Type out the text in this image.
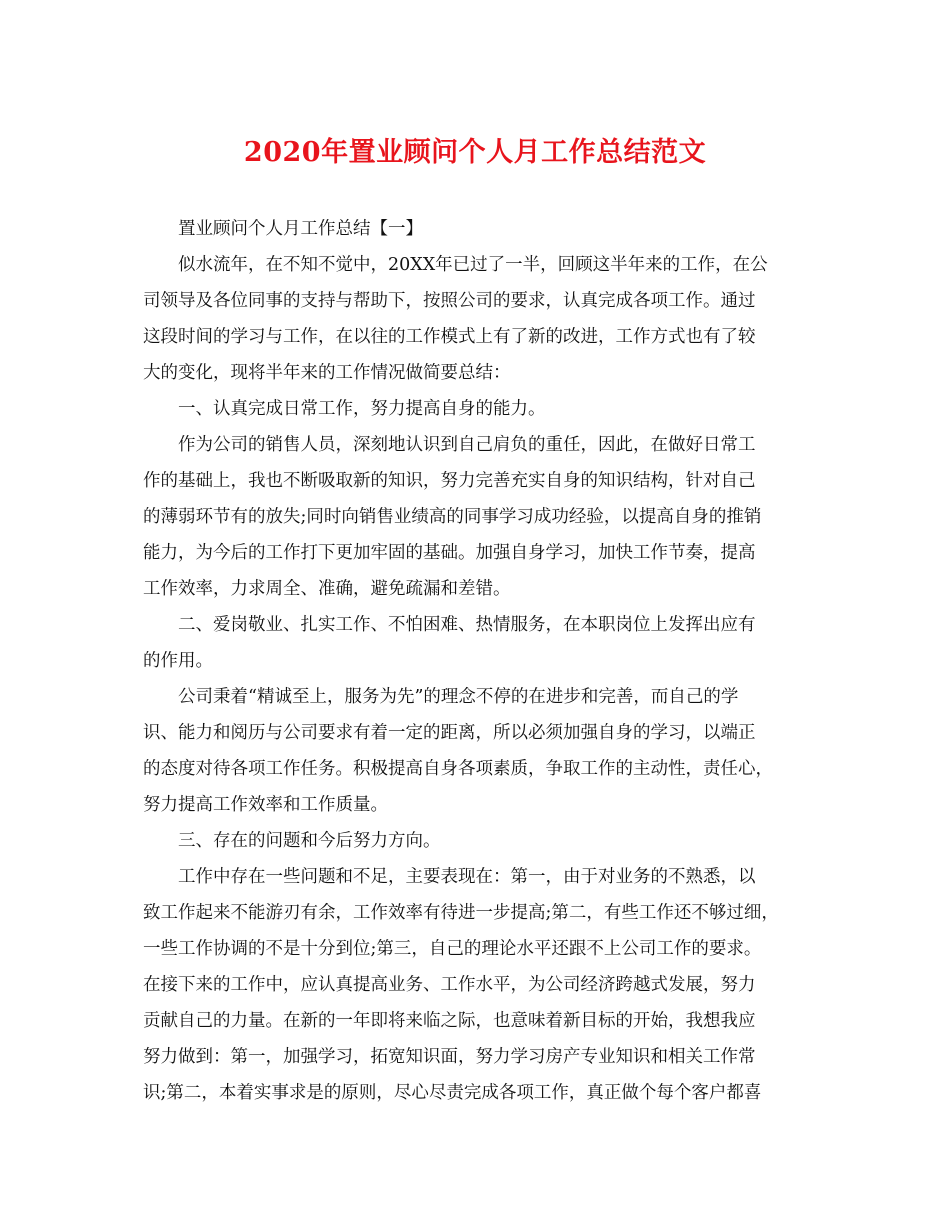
2020年置业顾问个人月工作总结范文
置业顾问个人月工作总结【一】
似水流年，在不知不觉中，20XX年已过了一半，回顾这半年来的工作，在公
司领导及各位同事的支持与帮助下，按照公司的要求，认真完成各项工作。通过
这段时间的学习与工作，在以往的工作模式上有了新的改进，工作方式也有了较
大的变化，现将半年来的工作情况做简要总结：
一、认真完成日常工作，努力提高自身的能力。
作为公司的销售人员，深刻地认识到自己肩负的重任，因此，在做好日常工
作的基础上，我也不断吸取新的知识，努力完善充实自身的知识结构，针对自己
的薄弱环节有的放失;同时向销售业绩高的同事学习成功经验，以提高自身的推销
能力，为今后的工作打下更加牢固的基础。加强自身学习，加快工作节奏，提高
工作效率，力求周全、准确，避免疏漏和差错。
二、爱岗敬业、扎实工作、不怕困难、热情服务，在本职岗位上发挥出应有
的作用。
公司秉着“精诚至上，服务为先”的理念不停的在进步和完善，而自己的学
识、能力和阅历与公司要求有着一定的距离，所以必须加强自身的学习，以端正
的态度对待各项工作任务。积极提高自身各项素质，争取工作的主动性，责任心，
努力提高工作效率和工作质量。
三、存在的问题和今后努力方向。
工作中存在一些问题和不足，主要表现在：第一，由于对业务的不熟悉，以
致工作起来不能游刃有余，工作效率有待进一步提高;第二，有些工作还不够过细，
一些工作协调的不是十分到位;第三，自己的理论水平还跟不上公司工作的要求。
在接下来的工作中，应认真提高业务、工作水平，为公司经济跨越式发展，努力
贡献自己的力量。在新的一年即将来临之际，也意味着新目标的开始，我想我应
努力做到：第一，加强学习，拓宽知识面，努力学习房产专业知识和相关工作常
识;第二，本着实事求是的原则，尽心尽责完成各项工作，真正做个每个客户都喜
